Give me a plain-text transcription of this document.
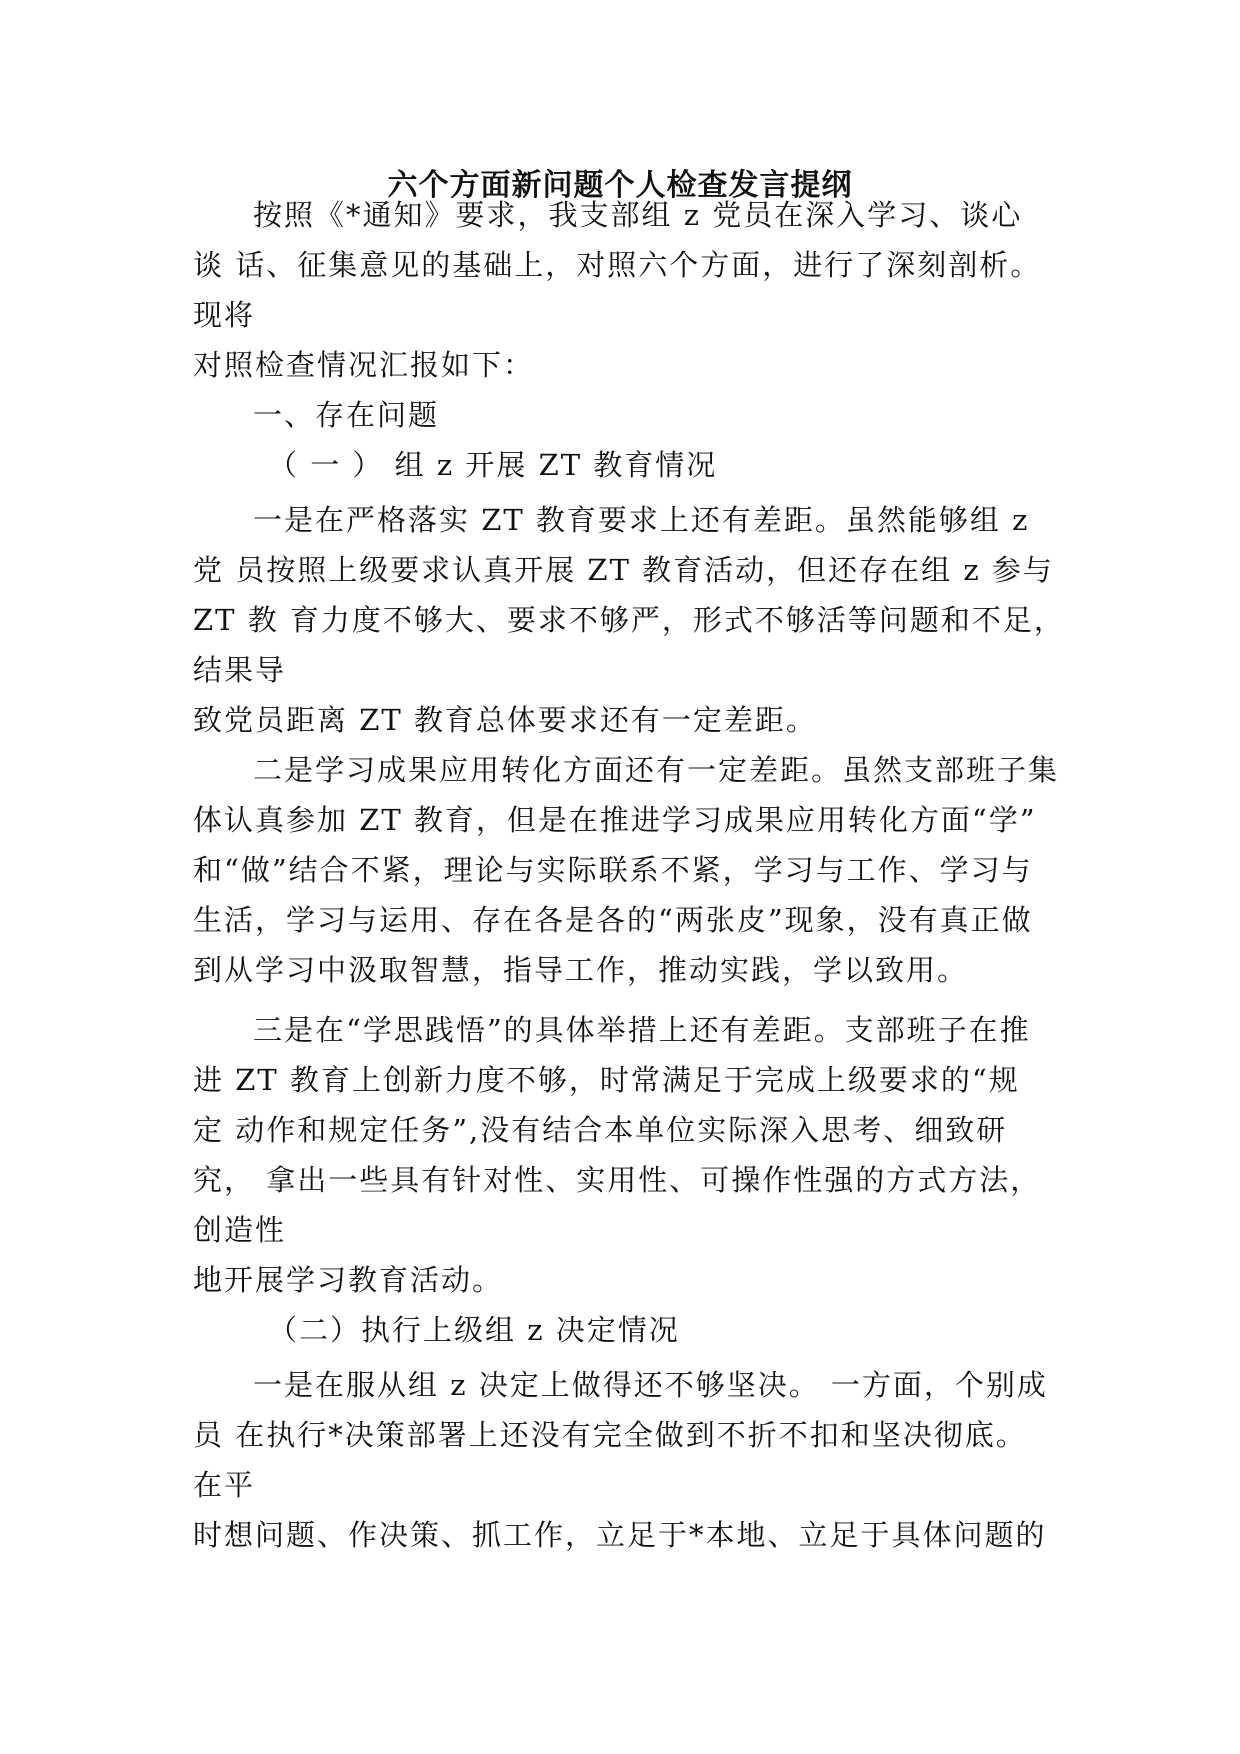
六个方面新问题个人检查发言提纲
按照《*通知》要求，我支部组 z 党员在深入学习、谈心
谈 话、征集意见的基础上，对照六个方面，进行了深刻剖析。
现将
对照检查情况汇报如下：
一、存在问题
（ 一 ） 组 z 开展 ZT 教育情况
一是在严格落实 ZT 教育要求上还有差距。虽然能够组 z
党 员按照上级要求认真开展 ZT 教育活动，但还存在组 z 参与
ZT 教 育力度不够大、要求不够严，形式不够活等问题和不足，
结果导
致党员距离 ZT 教育总体要求还有一定差距。
二是学习成果应用转化方面还有一定差距。虽然支部班子集
体认真参加 ZT 教育，但是在推进学习成果应用转化方面“学”
和“做”结合不紧，理论与实际联系不紧，学习与工作、学习与
生活，学习与运用、存在各是各的“两张皮”现象，没有真正做
到从学习中汲取智慧，指导工作，推动实践，学以致用。
三是在“学思践悟”的具体举措上还有差距。支部班子在推
进 ZT 教育上创新力度不够，时常满足于完成上级要求的“规
定 动作和规定任务”,没有结合本单位实际深入思考、细致研
究， 拿出一些具有针对性、实用性、可操作性强的方式方法，
创造性
地开展学习教育活动。
（二）执行上级组 z 决定情况
一是在服从组 z 决定上做得还不够坚决。 一方面，个别成
员 在执行*决策部署上还没有完全做到不折不扣和坚决彻底。
在平
时想问题、作决策、抓工作，立足于*本地、立足于具体问题的
